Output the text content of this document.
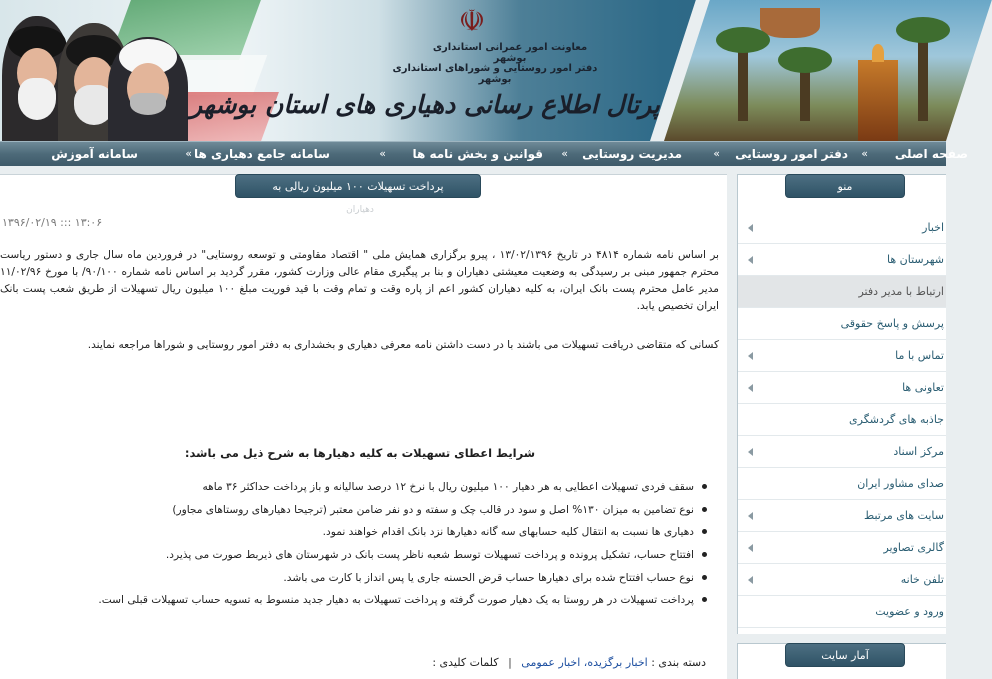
☫
معاونت امور عمرانی استانداری بوشهر
دفتر امور روستایی و شوراهای استانداری بوشهر
پرتال اطلاع رسانی دهیاری های استان بوشهر
صفحه اصلی
»
دفتر امور روستایی
»
مدیریت روستایی
»
قوانین و بخش نامه ها
»
سامانه جامع دهیاری ها
»
سامانه آموزش
پرداخت تسهیلات ۱۰۰ میلیون ریالی به
دهیاران
۱۳۹۶/۰۲/۱۹ ::: ۱۳:۰۶

بر اساس نامه شماره ۴۸۱۴ در تاریخ ۱۳/۰۲/۱۳۹۶ ، پیرو برگزاری همایش ملی " اقتصاد مقاومتی و توسعه روستایی" در فروردین ماه سال جاری و دستور ریاست محترم جمهور مبنی بر رسیدگی به وضعیت معیشتی دهیاران و بنا بر پیگیری مقام عالی وزارت کشور، مقرر گردید بر اساس نامه شماره ۹۰/۱۰۰/ با مورخ ۱۱/۰۲/۹۶ مدیر عامل محترم پست بانک ایران، به کلیه دهیاران کشور اعم از پاره وقت و تمام وقت با قید فوریت مبلغ ۱۰۰ میلیون ریال تسهیلات از طریق شعب پست بانک ایران تخصیص یابد.

کسانی که متقاضی دریافت تسهیلات می باشند با در دست داشتن نامه معرفی دهیاری و بخشداری به دفتر امور روستایی و شوراها مراجعه نمایند.

شرایط اعطای تسهیلات به کلیه دهیارها به شرح ذیل می باشد:
سقف فردی تسهیلات اعطایی به هر دهیار ۱۰۰ میلیون ریال با نرخ ۱۲ درصد سالیانه و باز پرداخت حداکثر ۳۶ ماهه
نوع تضامین به میزان ۱۳۰% اصل و سود در قالب چک و سفته و دو نفر ضامن معتبر (ترجیحا دهیارهای روستاهای مجاور)
دهیاری ها نسبت به انتقال کلیه حسابهای سه گانه دهیارها نزد بانک اقدام خواهند نمود.
افتتاح حساب، تشکیل پرونده و پرداخت تسهیلات توسط شعبه ناظر پست بانک در شهرستان های ذیربط صورت می پذیرد.
نوع حساب افتتاح شده برای دهیارها حساب قرض الحسنه جاری یا پس انداز با کارت می باشد.
پرداخت تسهیلات در هر روستا به یک دهیار صورت گرفته و پرداخت تسهیلات به دهیار جدید منسوط به تسویه حساب تسهیلات قبلی است.
دسته بندی : اخبار برگزیده، اخبار عمومی | کلمات کلیدی :
منو
اخبار
شهرستان ها
ارتباط با مدیر دفتر
پرسش و پاسخ حقوقی
تماس با ما
تعاونی ها
جاذبه های گردشگری
مرکز اسناد
صدای مشاور ایران
سایت های مرتبط
گالری تصاویر
تلفن خانه
ورود و عضویت
آمار سایت
